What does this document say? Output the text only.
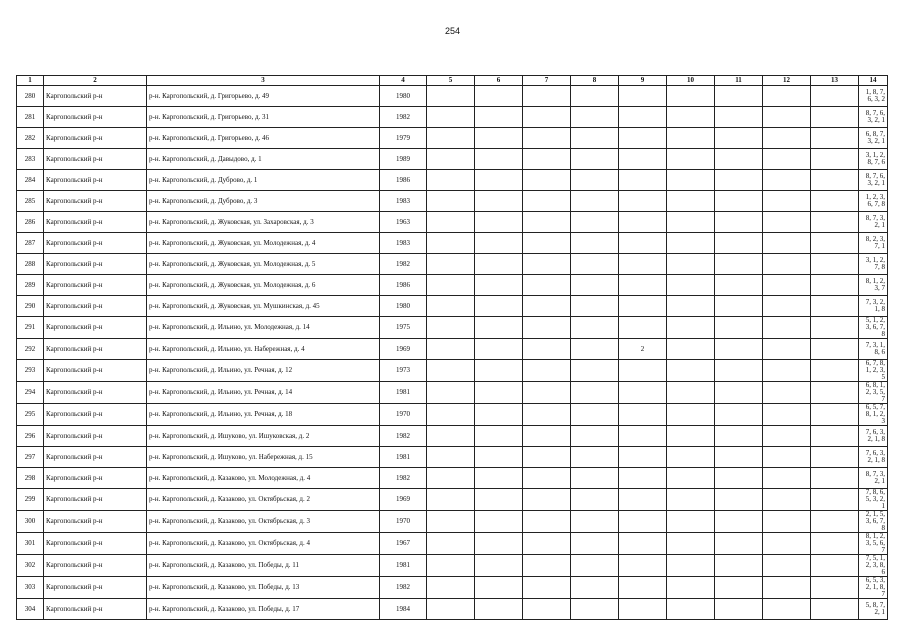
254
1	2	3	4	5	6	7	8	9	10	11	12	13	14
280	Каргопольский р-н	р-н. Каргопольский, д. Григорьево, д. 49	1980										1, 8, 7, 6, 3, 2
281	Каргопольский р-н	р-н. Каргопольский, д. Григорьево, д. 31	1982										8, 7, 6, 3, 2, 1
282	Каргопольский р-н	р-н. Каргопольский, д. Григорьево, д. 46	1979										6, 8, 7, 3, 2, 1
283	Каргопольский р-н	р-н. Каргопольский, д. Давыдово, д. 1	1989										3, 1, 2, 8, 7, 6
284	Каргопольский р-н	р-н. Каргопольский, д. Дуброво, д. 1	1986										8, 7, 6, 3, 2, 1
285	Каргопольский р-н	р-н. Каргопольский, д. Дуброво, д. 3	1983										1, 2, 3, 6, 7, 8
286	Каргопольский р-н	р-н. Каргопольский, д. Жуковская, ул. Захаровская, д. 3	1963										8, 7, 3, 2, 1
287	Каргопольский р-н	р-н. Каргопольский, д. Жуковская, ул. Молодежная, д. 4	1983										8, 2, 3, 7, 1
288	Каргопольский р-н	р-н. Каргопольский, д. Жуковская, ул. Молодежная, д. 5	1982										3, 1, 2, 7, 8
289	Каргопольский р-н	р-н. Каргопольский, д. Жуковская, ул. Молодежная, д. 6	1986										8, 1, 2, 3, 7
290	Каргопольский р-н	р-н. Каргопольский, д. Жуковская, ул. Мушкинская, д. 45	1980										7, 3, 2, 1, 8
291	Каргопольский р-н	р-н. Каргопольский, д. Ильино, ул. Молодежная, д. 14	1975										5, 1, 2, 3, 6, 7, 8
292	Каргопольский р-н	р-н. Каргопольский, д. Ильино, ул. Набережная, д. 4	1969					2					7, 3, 1, 8, 6
293	Каргопольский р-н	р-н. Каргопольский, д. Ильино, ул. Речная, д. 12	1973										6, 7, 8, 1, 2, 3, 5
294	Каргопольский р-н	р-н. Каргопольский, д. Ильино, ул. Речная, д. 14	1981										6, 8, 1, 2, 3, 5, 7
295	Каргопольский р-н	р-н. Каргопольский, д. Ильино, ул. Речная, д. 18	1970										6, 5, 7, 8, 1, 2, 3
296	Каргопольский р-н	р-н. Каргопольский, д. Ишуково, ул. Ишуковская, д. 2	1982										7, 6, 3, 2, 1, 8
297	Каргопольский р-н	р-н. Каргопольский, д. Ишуково, ул. Набережная, д. 15	1981										7, 6, 3, 2, 1, 8
298	Каргопольский р-н	р-н. Каргопольский, д. Казаково, ул. Молодежная, д. 4	1982										8, 7, 3, 2, 1
299	Каргопольский р-н	р-н. Каргопольский, д. Казаково, ул. Октябрьская, д. 2	1969										7, 8, 6, 5, 3, 2, 1
300	Каргопольский р-н	р-н. Каргопольский, д. Казаково, ул. Октябрьская, д. 3	1970										2, 1, 5, 3, 6, 7, 8
301	Каргопольский р-н	р-н. Каргопольский, д. Казаково, ул. Октябрьская, д. 4	1967										8, 1, 2, 3, 5, 6, 7
302	Каргопольский р-н	р-н. Каргопольский, д. Казаково, ул. Победы, д. 11	1981										7, 5, 1, 2, 3, 8, 6
303	Каргопольский р-н	р-н. Каргопольский, д. Казаково, ул. Победы, д. 13	1982										6, 5, 3, 2, 1, 8, 7
304	Каргопольский р-н	р-н. Каргопольский, д. Казаково, ул. Победы, д. 17	1984										5, 8, 7, 2, 1
